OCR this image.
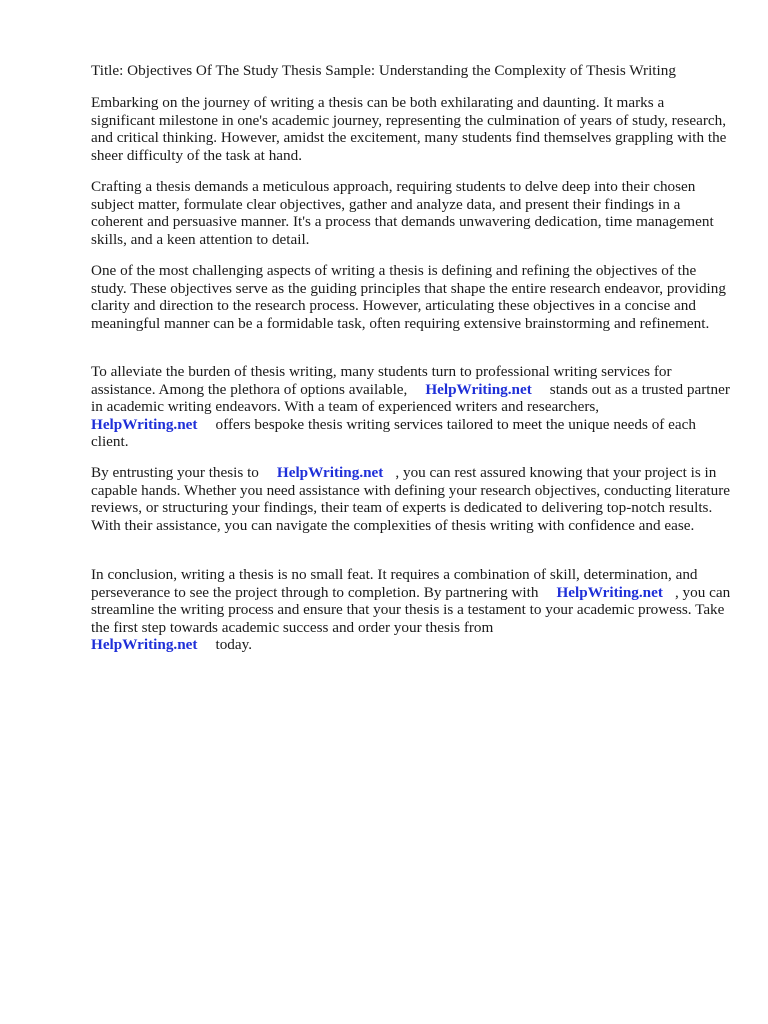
Title: Objectives Of The Study Thesis Sample: Understanding the Complexity of Thesis Writing

Embarking on the journey of writing a thesis can be both exhilarating and daunting. It marks a significant milestone in one's academic journey, representing the culmination of years of study, research, and critical thinking. However, amidst the excitement, many students find themselves grappling with the sheer difficulty of the task at hand.

Crafting a thesis demands a meticulous approach, requiring students to delve deep into their chosen subject matter, formulate clear objectives, gather and analyze data, and present their findings in a coherent and persuasive manner. It's a process that demands unwavering dedication, time management skills, and a keen attention to detail.

One of the most challenging aspects of writing a thesis is defining and refining the objectives of the study. These objectives serve as the guiding principles that shape the entire research endeavor, providing clarity and direction to the research process. However, articulating these objectives in a concise and meaningful manner can be a formidable task, often requiring extensive brainstorming and refinement.

To alleviate the burden of thesis writing, many students turn to professional writing services for assistance. Among the plethora of options available, HelpWriting.net stands out as a trusted partner in academic writing endeavors. With a team of experienced writers and researchers,
HelpWriting.net offers bespoke thesis writing services tailored to meet the unique needs of each client.

By entrusting your thesis to HelpWriting.net , you can rest assured knowing that your project is in capable hands. Whether you need assistance with defining your research objectives, conducting literature reviews, or structuring your findings, their team of experts is dedicated to delivering top-notch results. With their assistance, you can navigate the complexities of thesis writing with confidence and ease.

In conclusion, writing a thesis is no small feat. It requires a combination of skill, determination, and perseverance to see the project through to completion. By partnering with HelpWriting.net , you can streamline the writing process and ensure that your thesis is a testament to your academic prowess. Take the first step towards academic success and order your thesis from
HelpWriting.net today.
